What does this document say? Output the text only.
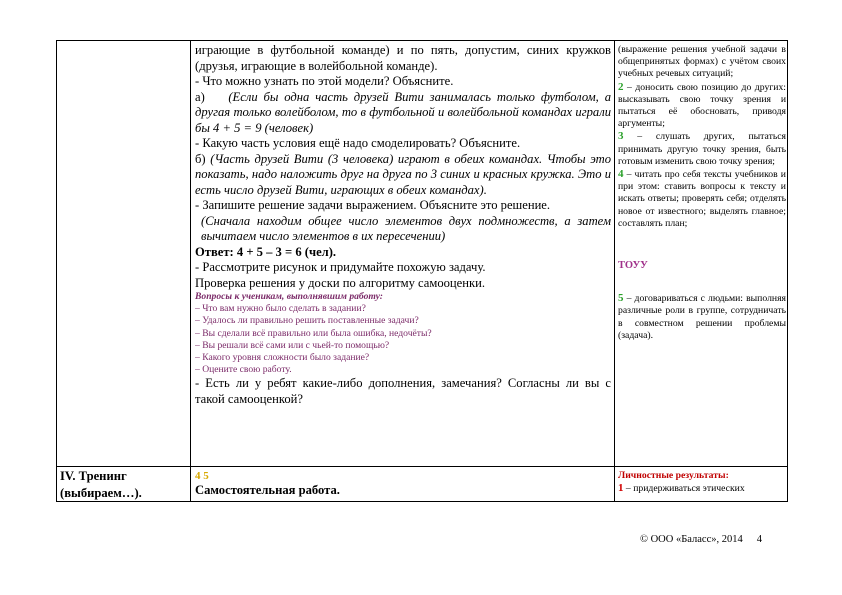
играющие в футбольной команде) и по пять, допустим, синих кружков (друзья, играющие в волейбольной команде).
- Что можно узнать по этой модели? Объясните.
а) (Если бы одна часть друзей Вити занималась только футболом, а другая только волейболом, то в футбольной и волейбольной командах играли бы 4 + 5 = 9 (человек)
- Какую часть условия ещё надо смоделировать? Объясните.
б) (Часть друзей Вити (3 человека) играют в обеих командах. Чтобы это показать, надо наложить друг на друга по 3 синих и красных кружка. Это и есть число друзей Вити, играющих в обеих командах).
- Запишите решение задачи выражением. Объясните это решение.
(Сначала находим общее число элементов двух подмножеств, а затем вычитаем число элементов в их пересечении)
Ответ: 4 + 5 – 3 = 6 (чел).
- Рассмотрите рисунок и придумайте похожую задачу.
Проверка решения у доски по алгоритму самооценки.
Вопросы к ученикам, выполнявшим работу:
– Что вам нужно было сделать в задании?
– Удалось ли правильно решить поставленные задачи?
– Вы сделали всё правильно или была ошибка, недочёты?
– Вы решали всё сами или с чьей-то помощью?
– Какого уровня сложности было задание?
– Оцените свою работу.
- Есть ли у ребят какие-либо дополнения, замечания? Согласны ли вы с такой самооценкой?
(выражение решения учебной задачи в общепринятых формах) с учётом своих учебных речевых ситуаций;
2 – доносить свою позицию до других: высказывать свою точку зрения и пытаться её обосновать, приводя аргументы;
3 – слушать других, пытаться принимать другую точку зрения, быть готовым изменить свою точку зрения;
4 – читать про себя тексты учебников и при этом: ставить вопросы к тексту и искать ответы; проверять себя; отделять новое от известного; выделять главное; составлять план;
ТОУУ
5 – договариваться с людьми: выполняя различные роли в группе, сотрудничать в совместном решении проблемы (задача).
IV. Тренинг (выбираем…).
4 5
Самостоятельная работа.
Личностные результаты:
1 – придерживаться этических
© ООО «Баласс», 2014 4
